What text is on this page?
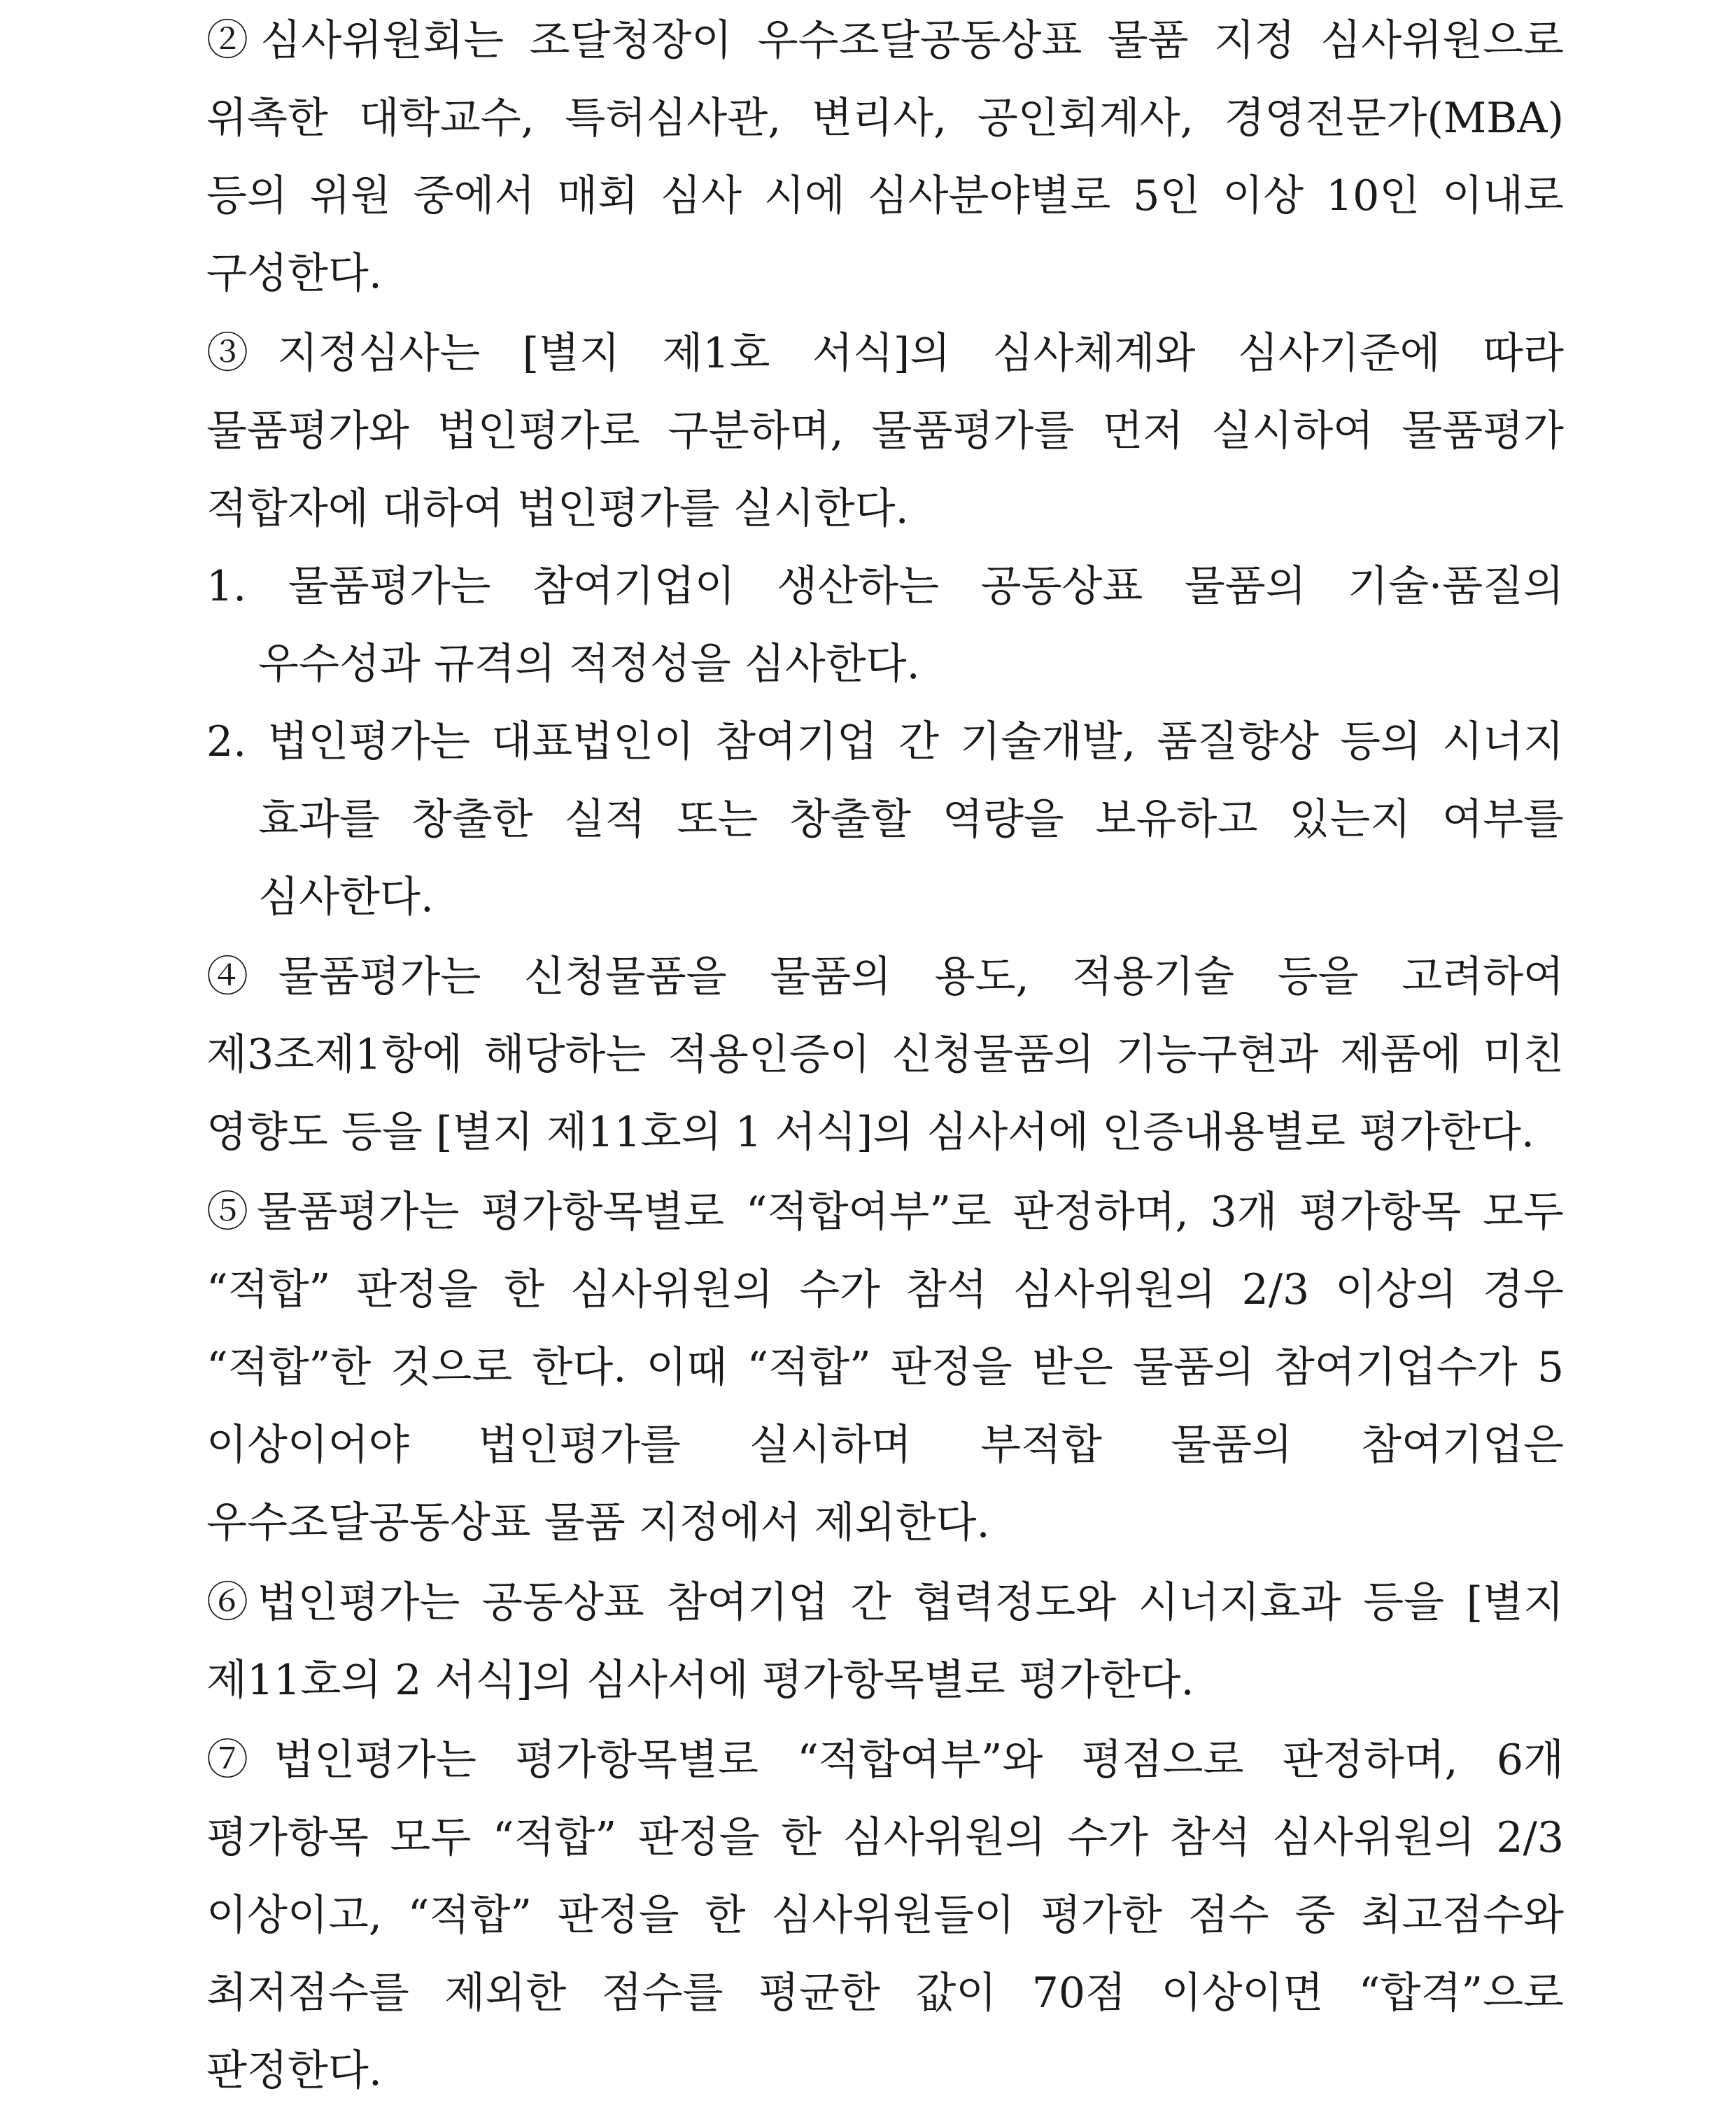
②심사위원회는 조달청장이 우수조달공동상표 물품 지정 심사위원으로 위촉한 대학교수, 특허심사관, 변리사, 공인회계사, 경영전문가(MBA) 등의 위원 중에서 매회 심사 시에 심사분야별로 5인 이상 10인 이내로 구성한다.

③지정심사는 [별지 제1호 서식]의 심사체계와 심사기준에 따라 물품평가와 법인평가로 구분하며, 물품평가를 먼저 실시하여 물품평가 적합자에 대하여 법인평가를 실시한다.

1. 물품평가는 참여기업이 생산하는 공동상표 물품의 기술·품질의 우수성과 규격의 적정성을 심사한다.

2. 법인평가는 대표법인이 참여기업 간 기술개발, 품질향상 등의 시너지 효과를 창출한 실적 또는 창출할 역량을 보유하고 있는지 여부를 심사한다.

④물품평가는 신청물품을 물품의 용도, 적용기술 등을 고려하여 제3조제1항에 해당하는 적용인증이 신청물품의 기능구현과 제품에 미친 영향도 등을 [별지 제11호의 1 서식]의 심사서에 인증내용별로 평가한다.

⑤물품평가는 평가항목별로 “적합여부”로 판정하며, 3개 평가항목 모두 “적합” 판정을 한 심사위원의 수가 참석 심사위원의 2/3 이상의 경우 “적합”한 것으로 한다. 이때 “적합” 판정을 받은 물품의 참여기업수가 5 이상이어야 법인평가를 실시하며 부적합 물품의 참여기업은 우수조달공동상표 물품 지정에서 제외한다.

⑥법인평가는 공동상표 참여기업 간 협력정도와 시너지효과 등을 [별지 제11호의 2 서식]의 심사서에 평가항목별로 평가한다.

⑦법인평가는 평가항목별로 “적합여부”와 평점으로 판정하며, 6개 평가항목 모두 “적합” 판정을 한 심사위원의 수가 참석 심사위원의 2/3 이상이고, “적합” 판정을 한 심사위원들이 평가한 점수 중 최고점수와 최저점수를 제외한 점수를 평균한 값이 70점 이상이면 “합격”으로 판정한다.
